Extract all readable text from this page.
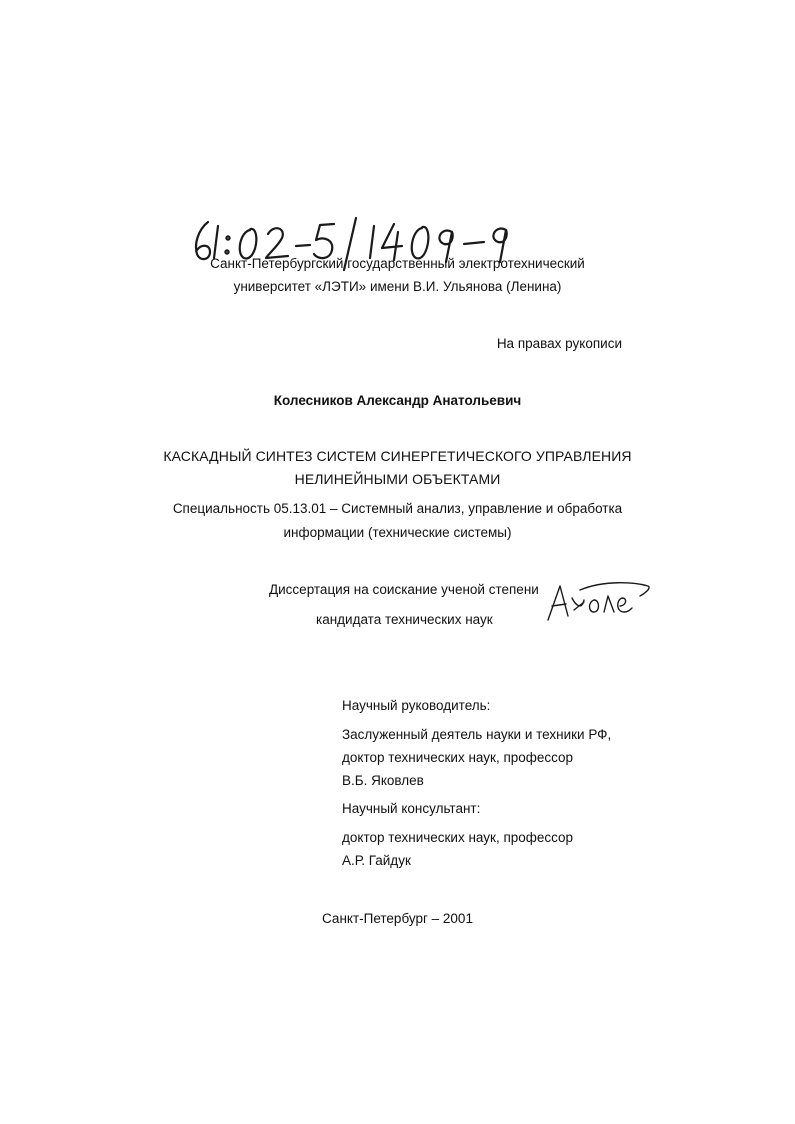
Санкт-Петербургский государственный электротехнический
университет «ЛЭТИ» имени В.И. Ульянова (Ленина)
На правах рукописи
Колесников Александр Анатольевич
КАСКАДНЫЙ СИНТЕЗ СИСТЕМ СИНЕРГЕТИЧЕСКОГО УПРАВЛЕНИЯ
НЕЛИНЕЙНЫМИ ОБЪЕКТАМИ
Специальность 05.13.01 – Системный анализ, управление и обработка
информации (технические системы)
Диссертация на соискание ученой степени
кандидата технических наук
Научный руководитель:
Заслуженный деятель науки и техники РФ,
доктор технических наук, профессор
В.Б. Яковлев
Научный консультант:
доктор технических наук, профессор
А.Р. Гайдук
Санкт-Петербург – 2001
